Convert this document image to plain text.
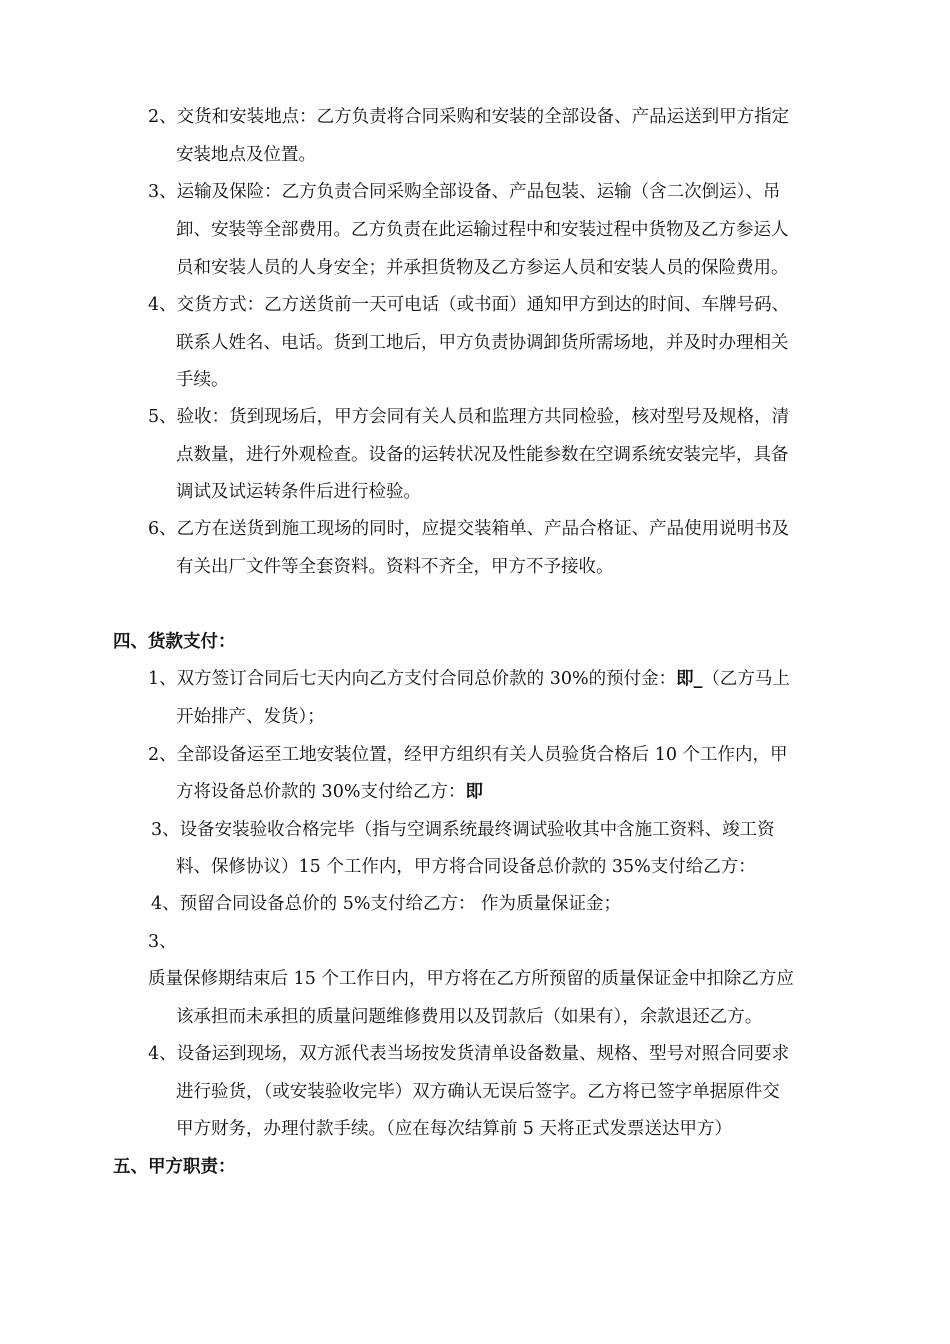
2、交货和安装地点：乙方负责将合同采购和安装的全部设备、产品运送到甲方指定
安装地点及位置。
3、运输及保险：乙方负责合同采购全部设备、产品包装、运输（含二次倒运）、吊
卸、安装等全部费用。乙方负责在此运输过程中和安装过程中货物及乙方参运人
员和安装人员的人身安全；并承担货物及乙方参运人员和安装人员的保险费用。
4、交货方式：乙方送货前一天可电话（或书面）通知甲方到达的时间、车牌号码、
联系人姓名、电话。货到工地后，甲方负责协调卸货所需场地，并及时办理相关
手续。
5、验收：货到现场后，甲方会同有关人员和监理方共同检验，核对型号及规格，清
点数量，进行外观检查。设备的运转状况及性能参数在空调系统安装完毕，具备
调试及试运转条件后进行检验。
6、乙方在送货到施工现场的同时，应提交装箱单、产品合格证、产品使用说明书及
有关出厂文件等全套资料。资料不齐全，甲方不予接收。
四、货款支付：
1、双方签订合同后七天内向乙方支付合同总价款的 30%的预付金：即_（乙方马上
开始排产、发货）；
2、全部设备运至工地安装位置，经甲方组织有关人员验货合格后 10 个工作内，甲
方将设备总价款的 30%支付给乙方：即
3、设备安装验收合格完毕（指与空调系统最终调试验收其中含施工资料、竣工资
料、保修协议）15 个工作内，甲方将合同设备总价款的 35%支付给乙方：
4、预留合同设备总价的 5%支付给乙方： 作为质量保证金；
3、
质量保修期结束后 15 个工作日内，甲方将在乙方所预留的质量保证金中扣除乙方应
该承担而未承担的质量问题维修费用以及罚款后（如果有），余款退还乙方。
4、设备运到现场，双方派代表当场按发货清单设备数量、规格、型号对照合同要求
进行验货，（或安装验收完毕）双方确认无误后签字。乙方将已签字单据原件交
甲方财务，办理付款手续。（应在每次结算前 5 天将正式发票送达甲方）
五、甲方职责：
